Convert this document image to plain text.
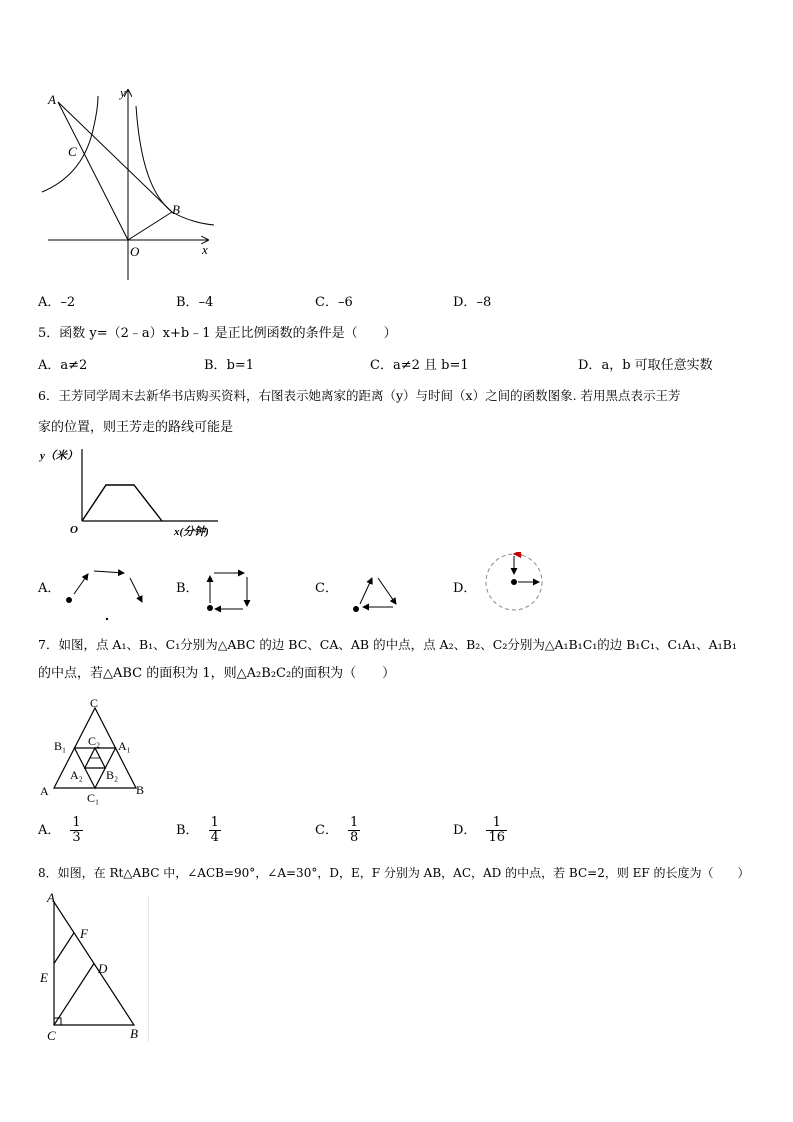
A
C
B
O	x
y
A．–2	B．–4	C．–6	D．–8
5．函数 y=（2﹣a）x+b﹣1 是正比例函数的条件是（　　）
A．a≠2	B．b=1	C．a≠2 且 b=1	D．a，b 可取任意实数
6．王芳同学周末去新华书店购买资料，右图表示她离家的距离（y）与时间（x）之间的函数图象. 若用黑点表示王芳
家的位置，则王芳走的路线可能是
y（米）
x(分钟)
O
A．	B．	C．	D．
7．如图，点 A₁、B₁、C₁分别为△ABC 的边 BC、CA、AB 的中点，点 A₂、B₂、C₂分别为△A₁B₁C₁的边 B₁C₁、C₁A₁、A₁B₁
的中点，若△ABC 的面积为 1，则△A₂B₂C₂的面积为（　　）
C
B₁ C₂ A₁
A₂ B₂
A	C₁
B
A． $\frac{1}{3}$	B． $\frac{1}{4}$	C． $\frac{1}{8}$	D． $\frac{1}{16}$
8．如图，在 Rt△ABC 中，∠ACB=90°，∠A=30°，D，E，F 分别为 AB，AC，AD 的中点，若 BC=2，则 EF 的长度为（　　）
A
F
D
E
C	B
